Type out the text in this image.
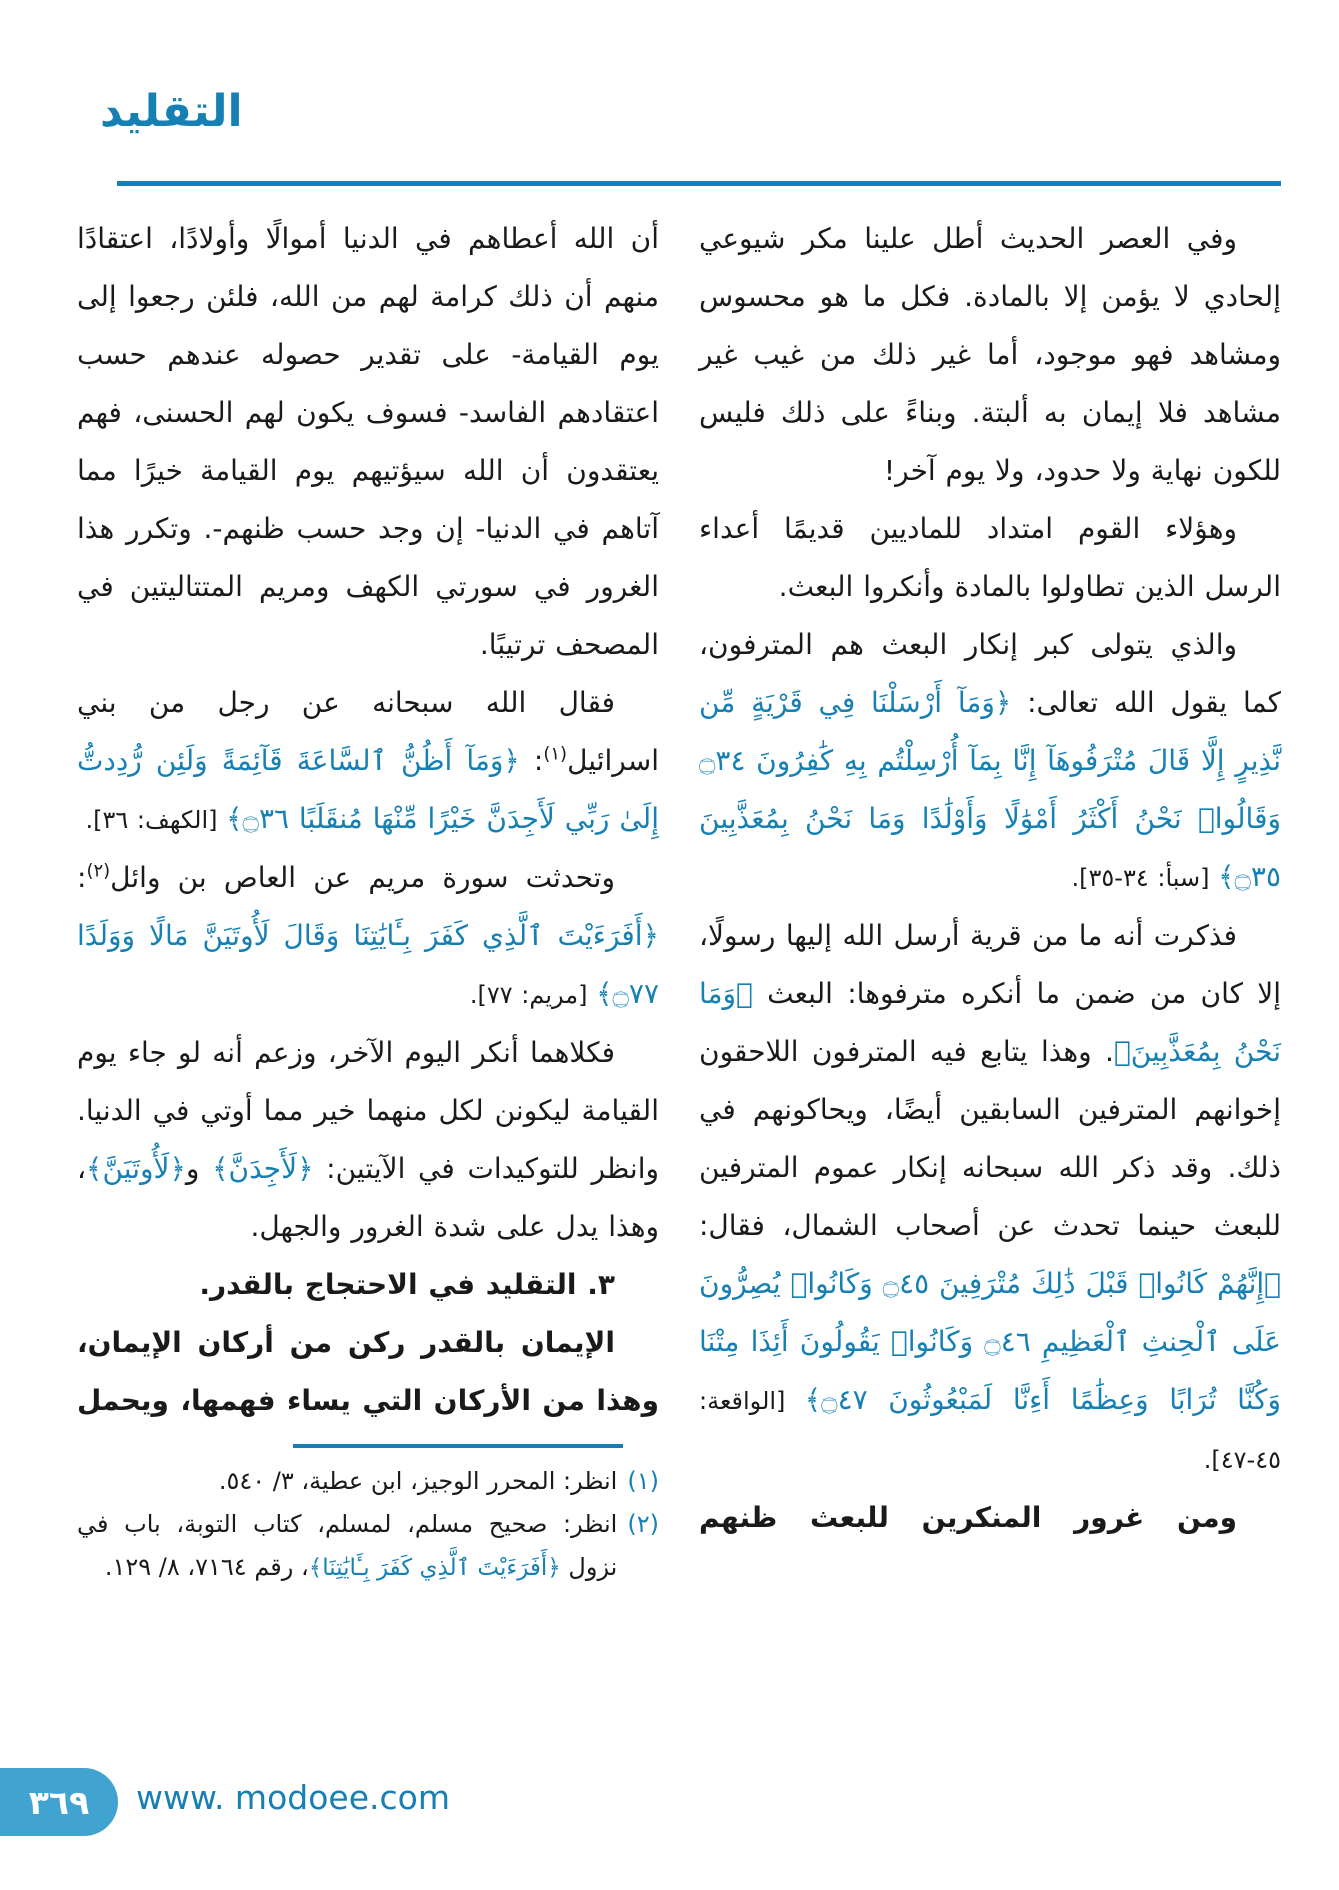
التقليد

وفي العصر الحديث أطل علينا مكر شيوعي إلحادي لا يؤمن إلا بالمادة. فكل ما هو محسوس ومشاهد فهو موجود، أما غير ذلك من غيب غير مشاهد فلا إيمان به ألبتة. وبناءً على ذلك فليس للكون نهاية ولا حدود، ولا يوم آخر!

وهؤلاء القوم امتداد للماديين قديمًا أعداء الرسل الذين تطاولوا بالمادة وأنكروا البعث.

والذي يتولى كبر إنكار البعث هم المترفون، كما يقول الله تعالى: ﴿وَمَآ أَرْسَلْنَا فِي قَرْيَةٍ مِّن نَّذِيرٍ إِلَّا قَالَ مُتْرَفُوهَآ إِنَّا بِمَآ أُرْسِلْتُم بِهِ كَٰفِرُونَ ۝٣٤ وَقَالُوا۟ نَحْنُ أَكْثَرُ أَمْوَٰلًا وَأَوْلَٰدًا وَمَا نَحْنُ بِمُعَذَّبِينَ ۝٣٥﴾ [سبأ: ٣٤-٣٥].

فذكرت أنه ما من قرية أرسل الله إليها رسولًا، إلا كان من ضمن ما أنكره مترفوها: البعث ﴿وَمَا نَحْنُ بِمُعَذَّبِينَ﴾. وهذا يتابع فيه المترفون اللاحقون إخوانهم المترفين السابقين أيضًا، ويحاكونهم في ذلك. وقد ذكر الله سبحانه إنكار عموم المترفين للبعث حينما تحدث عن أصحاب الشمال، فقال: ﴿إِنَّهُمْ كَانُوا۟ قَبْلَ ذَٰلِكَ مُتْرَفِينَ ۝٤٥ وَكَانُوا۟ يُصِرُّونَ عَلَى ٱلْحِنثِ ٱلْعَظِيمِ ۝٤٦ وَكَانُوا۟ يَقُولُونَ أَئِذَا مِتْنَا وَكُنَّا تُرَابًا وَعِظَٰمًا أَءِنَّا لَمَبْعُوثُونَ ۝٤٧﴾ [الواقعة: ٤٥-٤٧].

ومن غرور المنكرين للبعث ظنهم

أن الله أعطاهم في الدنيا أموالًا وأولادًا، اعتقادًا منهم أن ذلك كرامة لهم من الله، فلئن رجعوا إلى يوم القيامة- على تقدير حصوله عندهم حسب اعتقادهم الفاسد- فسوف يكون لهم الحسنى، فهم يعتقدون أن الله سيؤتيهم يوم القيامة خيرًا مما آتاهم في الدنيا- إن وجد حسب ظنهم-. وتكرر هذا الغرور في سورتي الكهف ومريم المتتاليتين في المصحف ترتيبًا.

فقال الله سبحانه عن رجل من بني اسرائيل$^{(١)}$: ﴿وَمَآ أَظُنُّ ٱلسَّاعَةَ قَآئِمَةً وَلَئِن رُّدِدتُّ إِلَىٰ رَبِّي لَأَجِدَنَّ خَيْرًا مِّنْهَا مُنقَلَبًا ۝٣٦﴾ [الكهف: ٣٦].

وتحدثت سورة مريم عن العاص بن وائل$^{(٢)}$: ﴿أَفَرَءَيْتَ ٱلَّذِي كَفَرَ بِـَٔايَٰتِنَا وَقَالَ لَأُوتَيَنَّ مَالًا وَوَلَدًا ۝٧٧﴾ [مريم: ٧٧].

فكلاهما أنكر اليوم الآخر، وزعم أنه لو جاء يوم القيامة ليكونن لكل منهما خير مما أوتي في الدنيا. وانظر للتوكيدات في الآيتين: ﴿لَأَجِدَنَّ﴾ و﴿لَأُوتَيَنَّ﴾، وهذا يدل على شدة الغرور والجهل.

٣. التقليد في الاحتجاج بالقدر.

الإيمان بالقدر ركن من أركان الإيمان، وهذا من الأركان التي يساء فهمها، ويحمل

(١)
انظر: المحرر الوجيز، ابن عطية، ٣/ ٥٤٠.
(٢)
انظر: صحيح مسلم، لمسلم، كتاب التوبة، باب في نزول ﴿أَفَرَءَيْتَ ٱلَّذِي كَفَرَ بِـَٔايَٰتِنَا﴾، رقم ٧١٦٤، ٨/ ١٢٩.
٣٦٩ www. modoee.com
